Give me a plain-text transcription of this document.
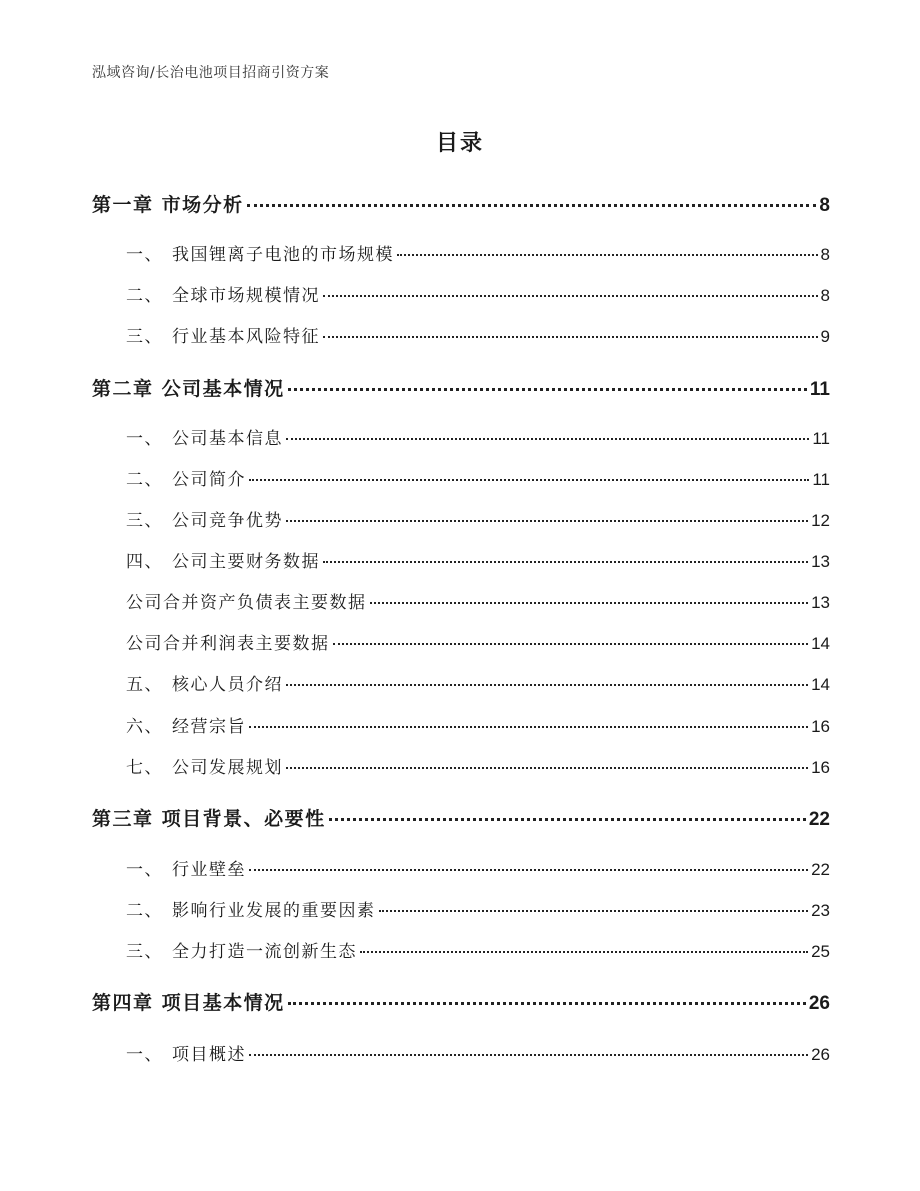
泓域咨询/长治电池项目招商引资方案
目录
第一章 市场分析	8
一、 我国锂离子电池的市场规模	8
二、 全球市场规模情况	8
三、 行业基本风险特征	9
第二章 公司基本情况	11
一、 公司基本信息	11
二、 公司简介	11
三、 公司竞争优势	12
四、 公司主要财务数据	13
公司合并资产负债表主要数据	13
公司合并利润表主要数据	14
五、 核心人员介绍	14
六、 经营宗旨	16
七、 公司发展规划	16
第三章 项目背景、必要性	22
一、 行业壁垒	22
二、 影响行业发展的重要因素	23
三、 全力打造一流创新生态	25
第四章 项目基本情况	26
一、 项目概述	26
